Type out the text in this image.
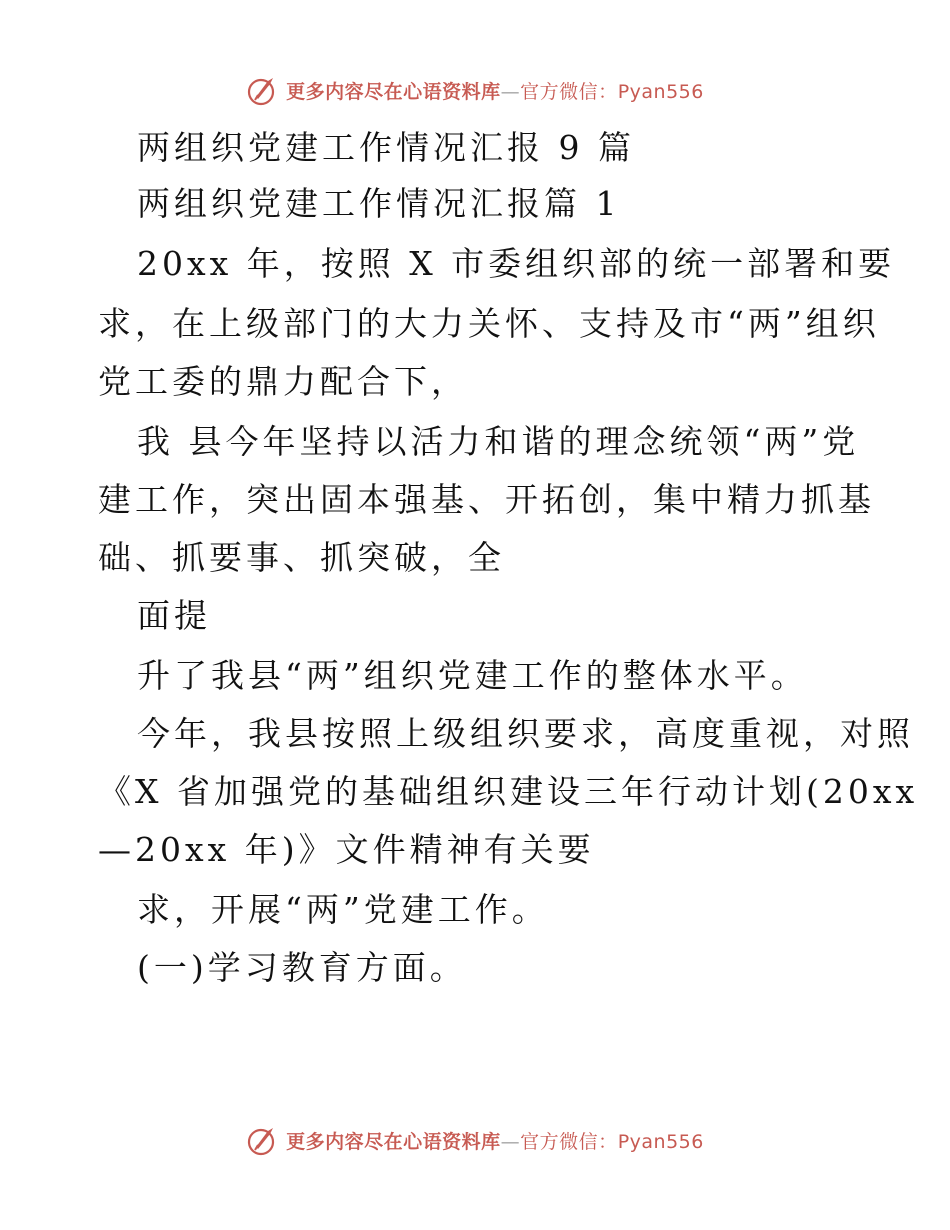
更多内容尽在心语资料库—官方微信：Pyan556
两组织党建工作情况汇报 9 篇
两组织党建工作情况汇报篇 1
20xx 年，按照 X 市委组织部的统一部署和要
求，在上级部门的大力关怀、支持及市“两”组织
党工委的鼎力配合下，
我 县今年坚持以活力和谐的理念统领“两”党
建工作，突出固本强基、开拓创，集中精力抓基
础、抓要事、抓突破，全
面提
升了我县“两”组织党建工作的整体水平。
今年，我县按照上级组织要求，高度重视，对照
《X 省加强党的基础组织建设三年行动计划(20xx
—20xx 年)》文件精神有关要
求，开展“两”党建工作。
(一)学习教育方面。
更多内容尽在心语资料库—官方微信：Pyan556
